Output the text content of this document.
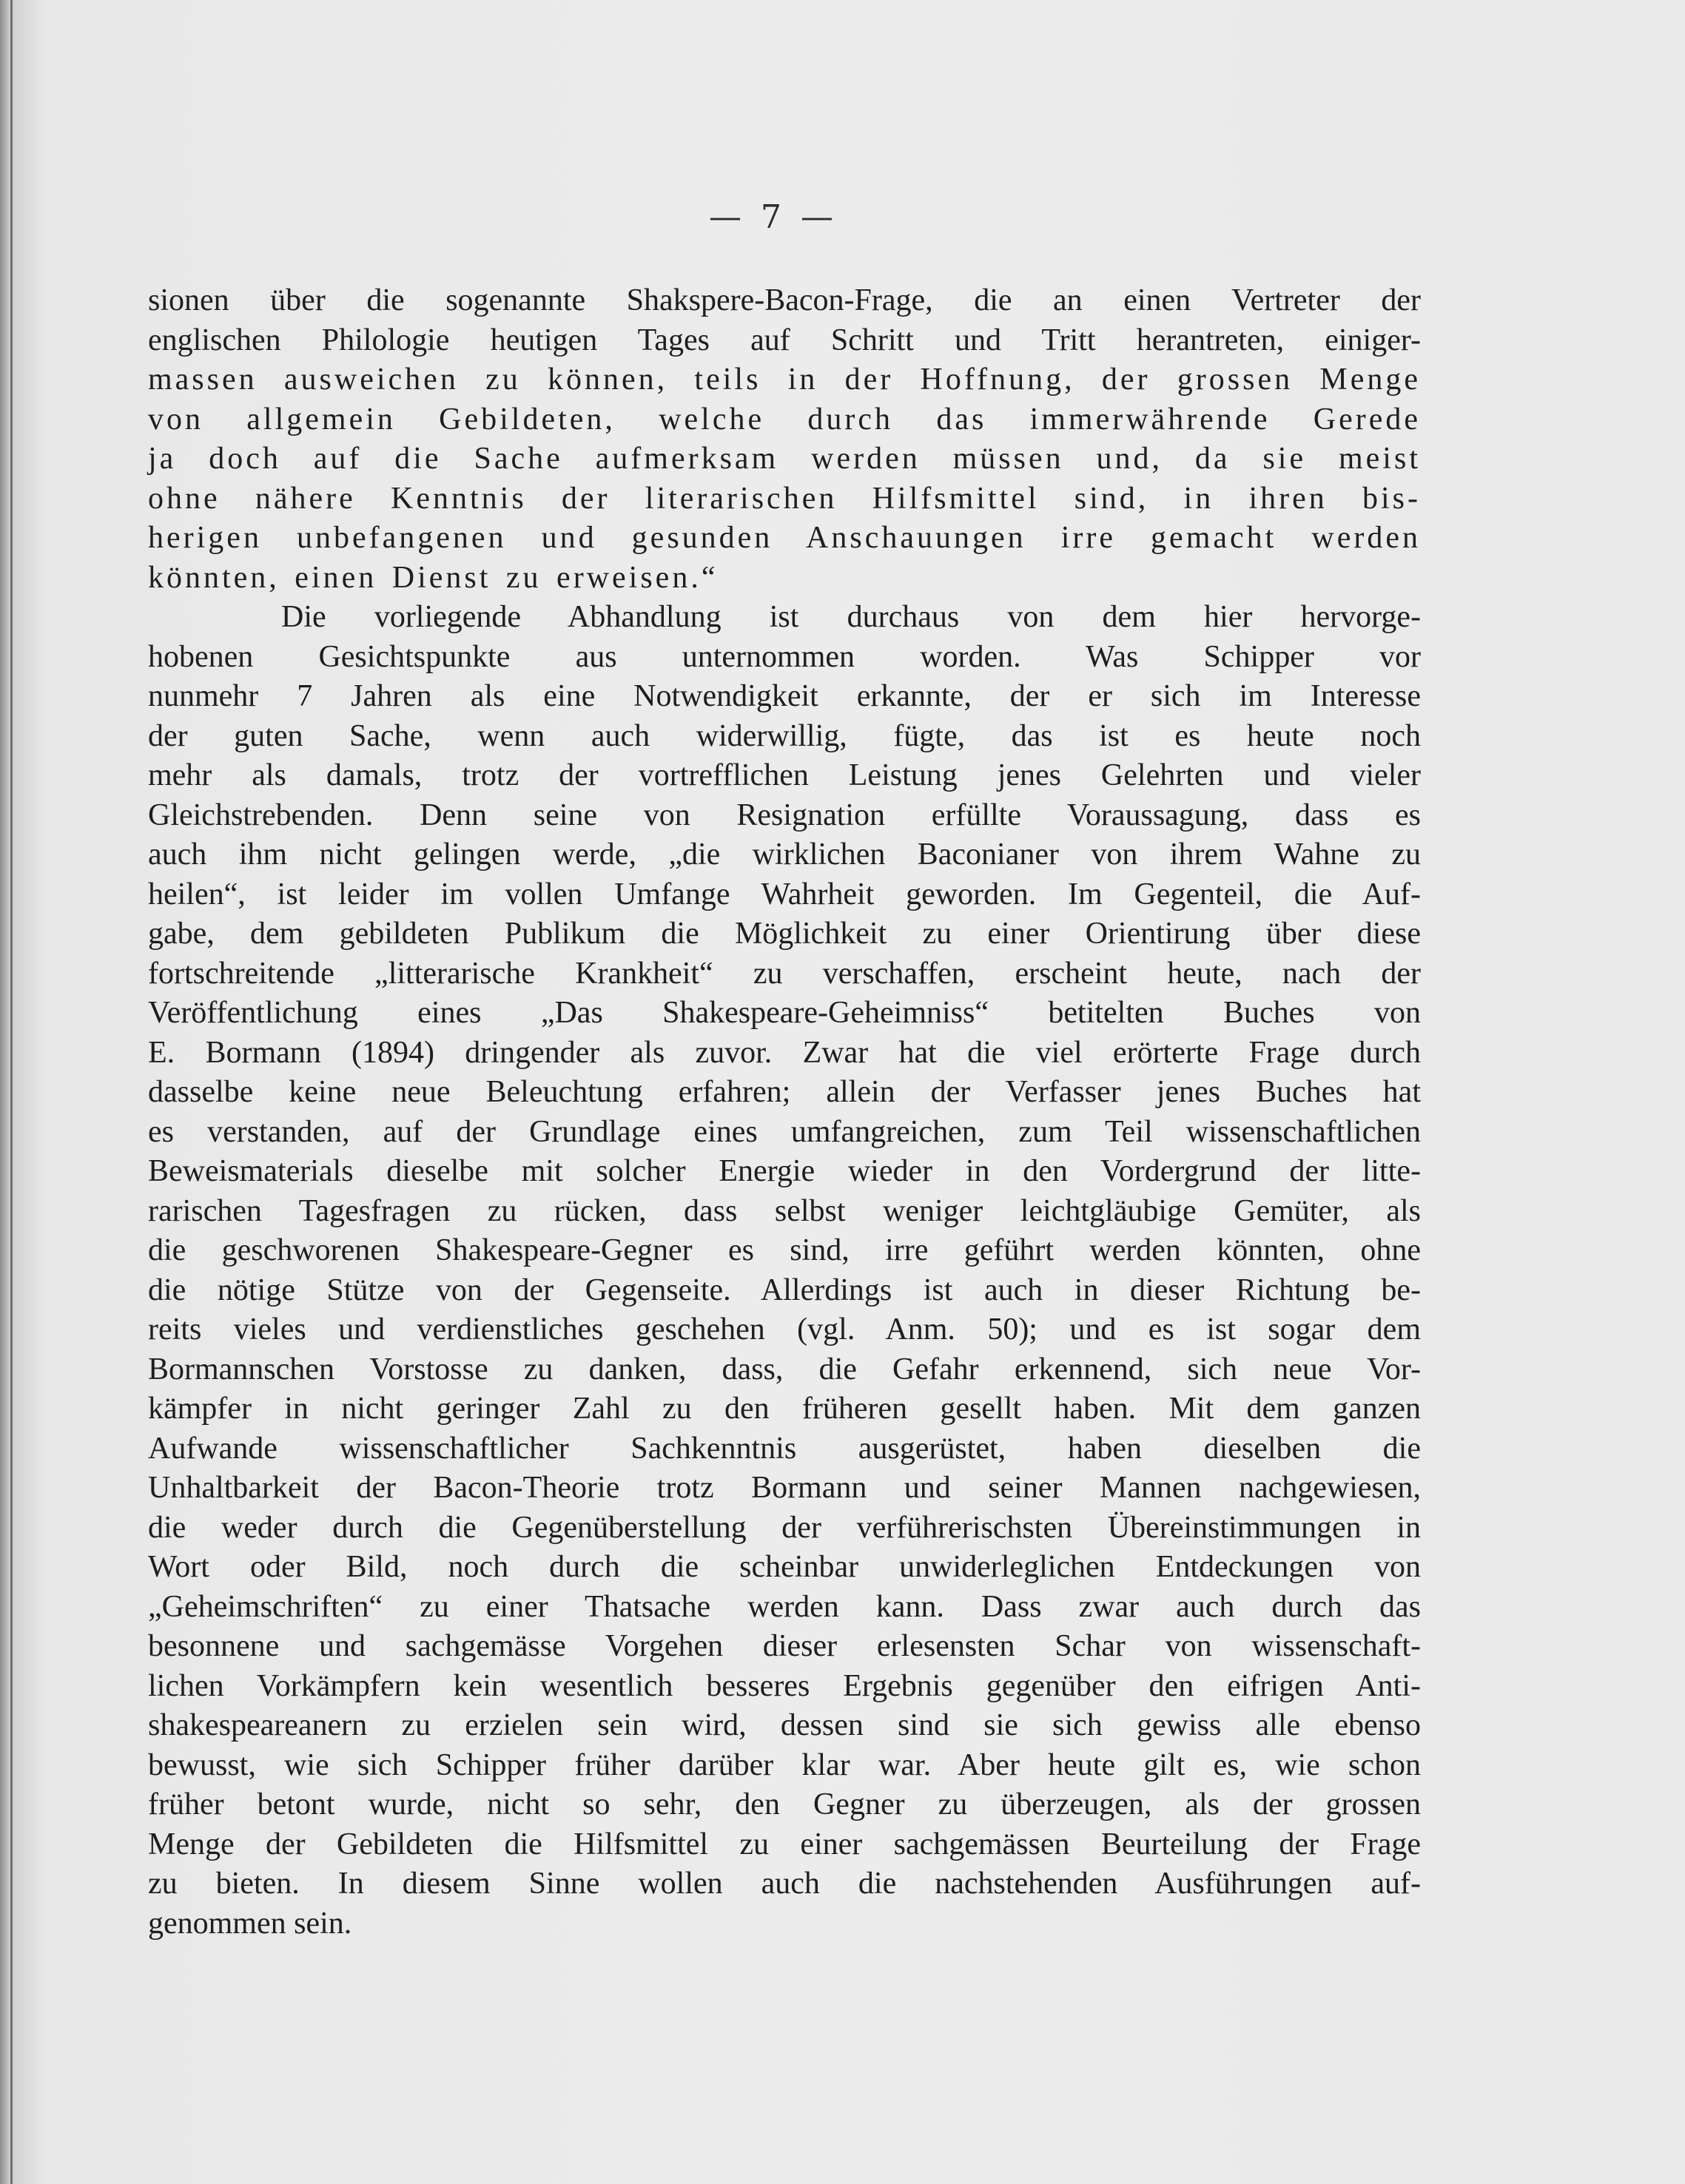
— 7 —
sionen über die sogenannte Shakspere-Bacon-Frage, die an einen Vertreter der
englischen Philologie heutigen Tages auf Schritt und Tritt herantreten, einiger-
massen ausweichen zu können, teils in der Hoffnung, der grossen Menge
von allgemein Gebildeten, welche durch das immerwährende Gerede
ja doch auf die Sache aufmerksam werden müssen und, da sie meist
ohne nähere Kenntnis der literarischen Hilfsmittel sind, in ihren bis-
herigen unbefangenen und gesunden Anschauungen irre gemacht werden
könnten, einen Dienst zu erweisen.“
Die vorliegende Abhandlung ist durchaus von dem hier hervorge-
hobenen Gesichtspunkte aus unternommen worden. Was Schipper vor
nunmehr 7 Jahren als eine Notwendigkeit erkannte, der er sich im Interesse
der guten Sache, wenn auch widerwillig, fügte, das ist es heute noch
mehr als damals, trotz der vortrefflichen Leistung jenes Gelehrten und vieler
Gleichstrebenden. Denn seine von Resignation erfüllte Voraussagung, dass es
auch ihm nicht gelingen werde, „die wirklichen Baconianer von ihrem Wahne zu
heilen“, ist leider im vollen Umfange Wahrheit geworden. Im Gegenteil, die Auf-
gabe, dem gebildeten Publikum die Möglichkeit zu einer Orientirung über diese
fortschreitende „litterarische Krankheit“ zu verschaffen, erscheint heute, nach der
Veröffentlichung eines „Das Shakespeare-Geheimniss“ betitelten Buches von
E. Bormann (1894) dringender als zuvor. Zwar hat die viel erörterte Frage durch
dasselbe keine neue Beleuchtung erfahren; allein der Verfasser jenes Buches hat
es verstanden, auf der Grundlage eines umfangreichen, zum Teil wissenschaftlichen
Beweismaterials dieselbe mit solcher Energie wieder in den Vordergrund der litte-
rarischen Tagesfragen zu rücken, dass selbst weniger leichtgläubige Gemüter, als
die geschworenen Shakespeare-Gegner es sind, irre geführt werden könnten, ohne
die nötige Stütze von der Gegenseite. Allerdings ist auch in dieser Richtung be-
reits vieles und verdienstliches geschehen (vgl. Anm. 50); und es ist sogar dem
Bormannschen Vorstosse zu danken, dass, die Gefahr erkennend, sich neue Vor-
kämpfer in nicht geringer Zahl zu den früheren gesellt haben. Mit dem ganzen
Aufwande wissenschaftlicher Sachkenntnis ausgerüstet, haben dieselben die
Unhaltbarkeit der Bacon-Theorie trotz Bormann und seiner Mannen nachgewiesen,
die weder durch die Gegenüberstellung der verführerischsten Übereinstimmungen in
Wort oder Bild, noch durch die scheinbar unwiderleglichen Entdeckungen von
„Geheimschriften“ zu einer Thatsache werden kann. Dass zwar auch durch das
besonnene und sachgemässe Vorgehen dieser erlesensten Schar von wissenschaft-
lichen Vorkämpfern kein wesentlich besseres Ergebnis gegenüber den eifrigen Anti-
shakespeareanern zu erzielen sein wird, dessen sind sie sich gewiss alle ebenso
bewusst, wie sich Schipper früher darüber klar war. Aber heute gilt es, wie schon
früher betont wurde, nicht so sehr, den Gegner zu überzeugen, als der grossen
Menge der Gebildeten die Hilfsmittel zu einer sachgemässen Beurteilung der Frage
zu bieten. In diesem Sinne wollen auch die nachstehenden Ausführungen auf-
genommen sein.
